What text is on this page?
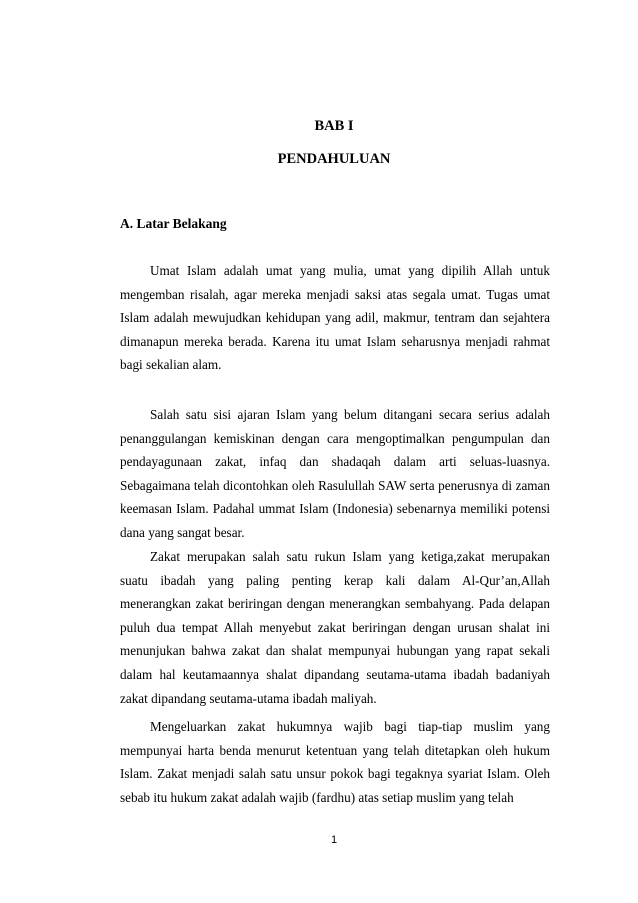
BAB I
PENDAHULUAN
A. Latar Belakang

Umat Islam adalah umat yang mulia, umat yang dipilih Allah untuk mengemban risalah, agar mereka menjadi saksi atas segala umat. Tugas umat Islam adalah mewujudkan kehidupan yang adil, makmur, tentram dan sejahtera dimanapun mereka berada. Karena itu umat Islam seharusnya menjadi rahmat bagi sekalian alam.

Salah satu sisi ajaran Islam yang belum ditangani secara serius adalah penanggulangan kemiskinan dengan cara mengoptimalkan pengumpulan dan pendayagunaan zakat, infaq dan shadaqah dalam arti seluas-luasnya. Sebagaimana telah dicontohkan oleh Rasulullah SAW serta penerusnya di zaman keemasan Islam. Padahal ummat Islam (Indonesia) sebenarnya memiliki potensi dana yang sangat besar.

Zakat merupakan salah satu rukun Islam yang ketiga,zakat merupakan suatu ibadah yang paling penting kerap kali dalam Al-Qur’an,Allah menerangkan zakat beriringan dengan menerangkan sembahyang. Pada delapan puluh dua tempat Allah menyebut zakat beriringan dengan urusan shalat ini menunjukan bahwa zakat dan shalat mempunyai hubungan yang rapat sekali dalam hal keutamaannya shalat dipandang seutama-utama ibadah badaniyah zakat dipandang seutama-utama ibadah maliyah.

Mengeluarkan zakat hukumnya wajib bagi tiap-tiap muslim yang mempunyai harta benda menurut ketentuan yang telah ditetapkan oleh hukum Islam. Zakat menjadi salah satu unsur pokok bagi tegaknya syariat Islam. Oleh sebab itu hukum zakat adalah wajib (fardhu) atas setiap muslim yang telah

1
